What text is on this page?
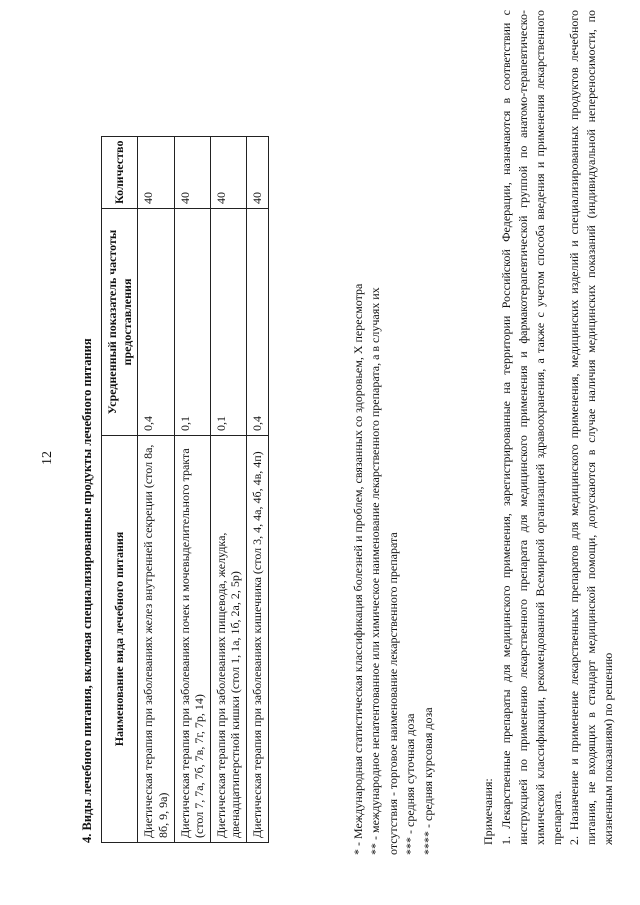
12 4. Виды лечебного питания, включая специализированные продукты лечебного питания Наименование вида лечебного питания	Усредненный показатель частоты предоставления	Количество
Диетическая терапия при заболеваниях желез внутренней секреции (стол 8а, 8б, 9, 9а)	0,4	40
Диетическая терапия при заболеваниях почек и мочевыделительного тракта (стол 7, 7а, 7б, 7в, 7г, 7р, 14)	0,1	40
Диетическая терапия при заболеваниях пищевода, желудка, двенадцатиперстной кишки (стол 1, 1а, 1б, 2а, 2, 5р)	0,1	40
Диетическая терапия при заболеваниях кишечника (стол 3, 4, 4а, 4б, 4в, 4п)	0,4	40
* - Международная статистическая классификация болезней и проблем, связанных со здоровьем, X пересмотра ** - международное непатентованное или химическое наименование лекарственного препарата, а в случаях их отсутствия - торговое наименование лекарственного препарата *** - средняя суточная доза **** - средняя курсовая доза	Примечания: 1. Лекарственные препараты для медицинского применения, зарегистрированные на территории Российской Федерации, назначаются в соответствии с инструкцией по применению лекарственного препарата для медицинского применения и фармакотерапевтической группой по анатомо-терапевтическо-химической классификации, рекомендованной Всемирной организацией здравоохранения, а также с учетом способа введения и применения лекарственного препарата. 2. Назначение и применение лекарственных препаратов для медицинского применения, медицинских изделий и специализированных продуктов лечебного питания, не входящих в стандарт медицинской помощи, допускаются в случае наличия медицинских показаний (индивидуальной непереносимости, по жизненным показаниям) по решению
